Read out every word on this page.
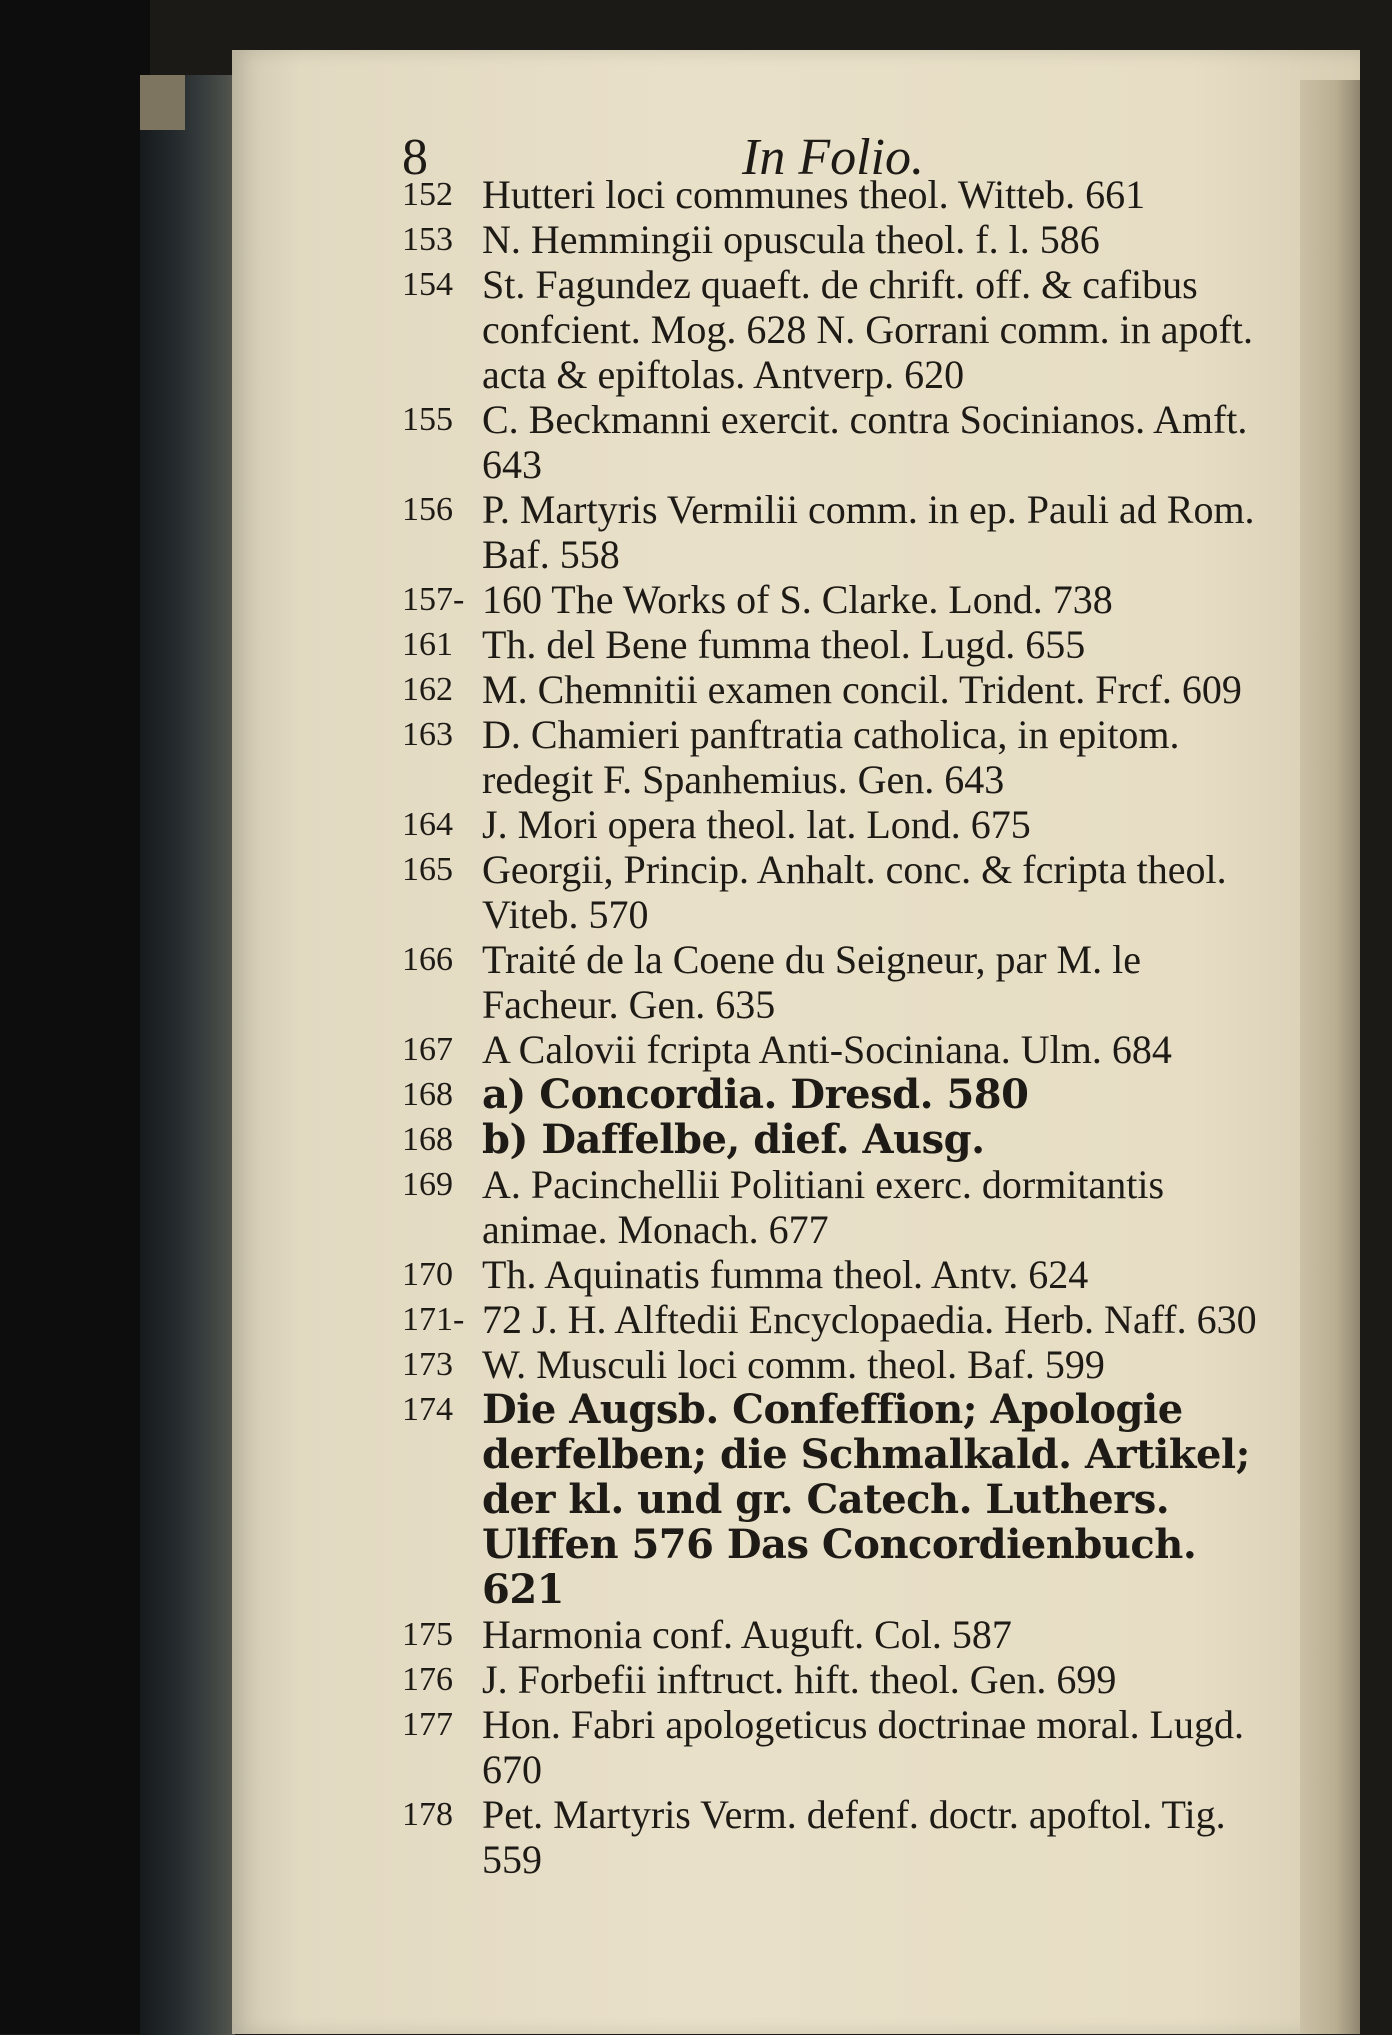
8	In Folio.
152 Hutteri loci communes theol. Witteb. 661
153 N. Hemmingii opuscula theol. f. l. 586
154 St. Fagundez quaeft. de chrift. off. & cafibus confcient. Mog. 628 N. Gorrani comm. in apoft. acta & epiftolas. Antverp. 620
155 C. Beckmanni exercit. contra Socinianos. Amft. 643
156 P. Martyris Vermilii comm. in ep. Pauli ad Rom. Baf. 558
157- 160 The Works of S. Clarke. Lond. 738
161 Th. del Bene fumma theol. Lugd. 655
162 M. Chemnitii examen concil. Trident. Frcf. 609
163 D. Chamieri panftratia catholica, in epitom. redegit F. Spanhemius. Gen. 643
164 J. Mori opera theol. lat. Lond. 675
165 Georgii, Princip. Anhalt. conc. & fcripta theol. Viteb. 570
166 Traité de la Coene du Seigneur, par M. le Facheur. Gen. 635
167 A Calovii fcripta Anti-Sociniana. Ulm. 684
168 a) Concordia. Dresd. 580
168 b) Daffelbe, dief. Ausg.
169 A. Pacinchellii Politiani exerc. dormitantis animae. Monach. 677
170 Th. Aquinatis fumma theol. Antv. 624
171- 72 J. H. Alftedii Encyclopaedia. Herb. Naff. 630
173 W. Musculi loci comm. theol. Baf. 599
174 Die Augsb. Confeffion; Apologie derfelben; die Schmalkald. Artikel; der kl. und gr. Catech. Luthers. Ulffen 576 Das Concordienbuch. 621
175 Harmonia conf. Auguft. Col. 587
176 J. Forbefii inftruct. hift. theol. Gen. 699
177 Hon. Fabri apologeticus doctrinae moral. Lugd. 670
178 Pet. Martyris Verm. defenf. doctr. apoftol. Tig. 559
